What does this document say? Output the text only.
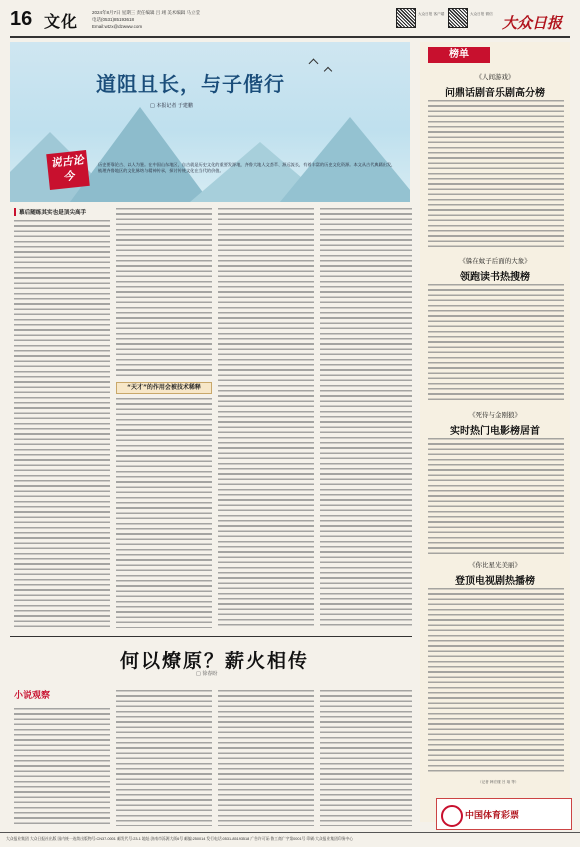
16 文化
2024年8月7日 星期三 责任编辑 吕 翊 美术编辑 马立莹
电话(0531)85193618
Email:wtzx@dzwww.com
大众日报 客户端	大众日报 微信 大众日报
道阻且长，与子偕行
□ 本报记者 于建鹏
说古论今
历史要靠论古、以人为鉴。在中国山东地区，自古就是历史文化的重要发源地，齐鲁大地人文荟萃、源远流长，有着丰富的历史文化资源。本文从古代典籍出发，梳理齐鲁地区的文化脉络与精神传承，探讨传统文化在当代的价值。
慕后随练其实也是顶尖高手
“天才”的作用会被技术稀释
何以燎原？薪火相传
□ 徐春盼
小说观察
榜单
《人间游戏》
问鼎话剧音乐剧高分榜
《躲在蚊子后面的大象》
领跑读书热搜榜
《死侍与金刚狼》
实时热门电影榜居首
《你比星光美丽》
登顶电视剧热播榜
（记者 韩宏楼 吕 翊 等）
中国体育彩票
大众报业集团 大众日报社出版 国内统一连续出版物号:CN37-0001 邮发代号:23-1 地址:济南市泺源大街6号 邮编:250014 发行电话:0531-85193518 广告许可证:鲁工商广字第0001号 印刷:大众报业集团印务中心
